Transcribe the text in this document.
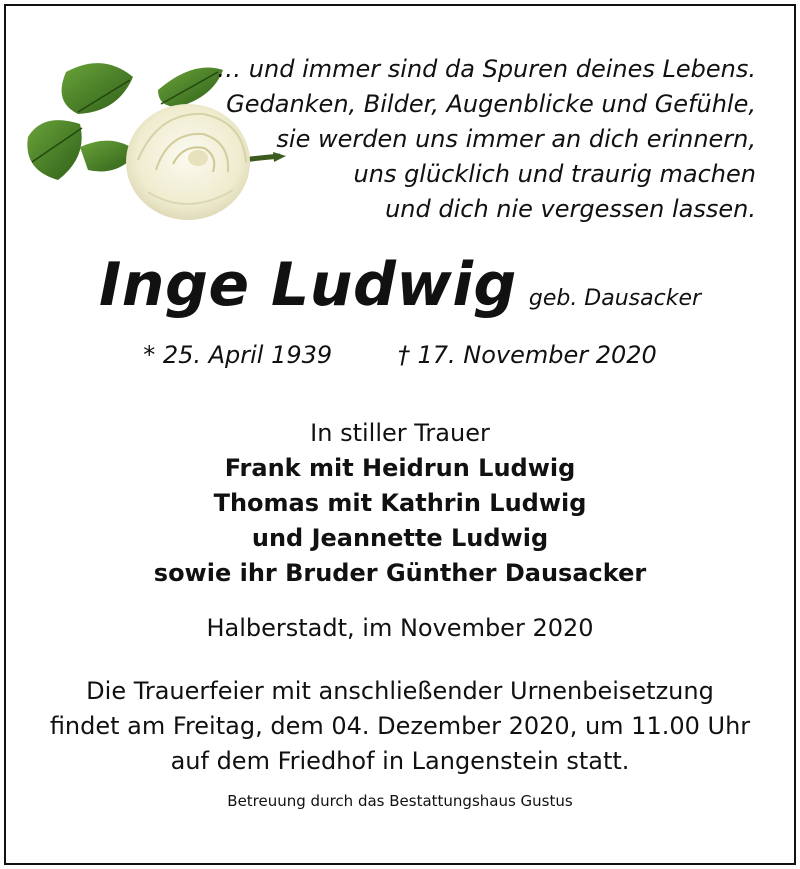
… und immer sind da Spuren deines Lebens.
Gedanken, Bilder, Augenblicke und Gefühle,
sie werden uns immer an dich erinnern,
uns glücklich und traurig machen
und dich nie vergessen lassen.
Inge Ludwig geb. Dausacker
* 25. April 1939	† 17. November 2020
In stiller Trauer
Frank mit Heidrun Ludwig
Thomas mit Kathrin Ludwig
und Jeannette Ludwig
sowie ihr Bruder Günther Dausacker
Halberstadt, im November 2020
Die Trauerfeier mit anschließender Urnenbeisetzung
findet am Freitag, dem 04. Dezember 2020, um 11.00 Uhr
auf dem Friedhof in Langenstein statt.
Betreuung durch das Bestattungshaus Gustus
